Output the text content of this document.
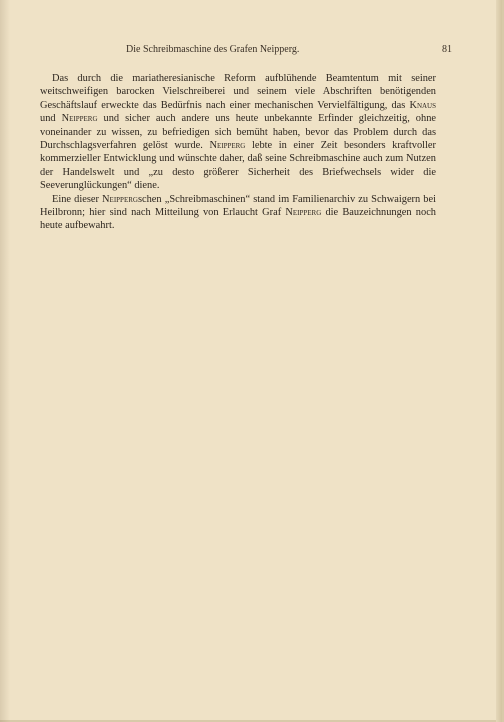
Die Schreibmaschine des Grafen Neipperg.	81

Das durch die mariatheresianische Reform aufblühende Beamtentum mit seiner weitschweifigen barocken Vielschreiberei und seinem viele Abschriften benötigenden Geschäftslauf erweckte das Bedürfnis nach einer mechanischen Vervielfältigung, das Knaus und Neipperg und sicher auch andere uns heute unbekannte Erfinder gleichzeitig, ohne voneinander zu wissen, zu befriedigen sich bemüht haben, bevor das Problem durch das Durchschlagsverfahren gelöst wurde. Neipperg lebte in einer Zeit besonders kraftvoller kommerzieller Entwicklung und wünschte daher, daß seine Schreibmaschine auch zum Nutzen der Handelswelt und „zu desto größerer Sicherheit des Briefwechsels wider die Seeverunglückungen“ diene.

Eine dieser Neippergschen „Schreibmaschinen“ stand im Familienarchiv zu Schwaigern bei Heilbronn; hier sind nach Mitteilung von Erlaucht Graf Neipperg die Bauzeichnungen noch heute aufbewahrt.
